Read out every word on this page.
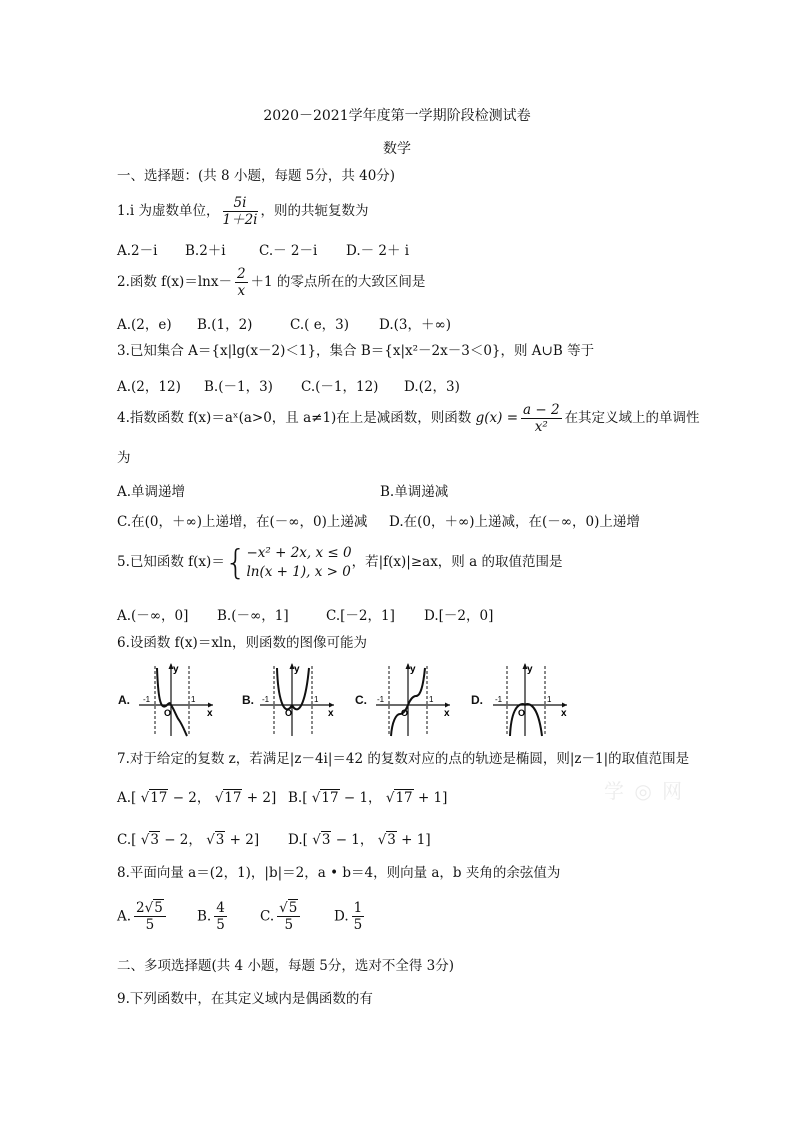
2020－2021学年度第一学期阶段检测试卷
数学
一、选择题：(共 8 小题，每题 5分，共 40分)
1.i 为虚数单位， $\frac{5i}{1+2i}$ ，则的共轭复数为
A.2－i B.2＋i C.－ 2－i D.－ 2＋ i
2.函数 $f(x)=\ln x- \frac{2}{x} +1$ 的零点所在的大致区间是
A.(2，e) B.(1，2)	C.( e，3) D.(3，＋∞)
3.已知集合 A＝{x|lg(x－2)＜1}，集合 B＝{x|x²－2x－3＜0}，则 A∪B 等于
A.(2，12) B.(－1，3) C.(－1，12) D.(2，3)
4.指数函数 f(x)＝aˣ(a>0，且 a≠1)在上是减函数，则函数 $g(x) = \frac{a - 2}{\text{x²}}$ 在其定义域上的单调性
为
A.单调递增	B.单调递减
C.在(0，＋∞)上递增，在(－∞，0)上递减 D.在(0，＋∞)上递减，在(－∞，0)上递增
5.已知函数 f(x)＝{ −x² + 2x, x ≤ 0
ln(x + 1), x > 0
，若|f(x)|≥ax，则 a 的取值范围是
A.(－∞，0] B.(－∞，1]	C.[－2，1] D.[－2，0]
6.设函数 f(x)＝xln，则函数的图像可能为
A.	B.	C.	D.
y
x
-1	1
O
y
x
-1	1
O
y
x
-1	1
O
y
x
-1	1
O
7.对于给定的复数 z，若满足|z－4i|＝42 的复数对应的点的轨迹是椭圆，则|z－1|的取值范围是
学 ◎ 网
A.[ √17 − 2， √17 + 2] B.[ √17 − 1， √17 + 1]
C.[ √3 − 2， √3 + 2] D.[ √3 − 1， √3 + 1]
8.平面向量 a＝(2，1)，|b|＝2，a • b＝4，则向量 a，b 夹角的余弦值为
A. $\frac{2√5}{5} B$. $\frac{4}{5} C$. $\frac{√5}{5} D$. $\frac{1}{5}$
二、多项选择题(共 4 小题，每题 5分，选对不全得 3分)
9.下列函数中，在其定义域内是偶函数的有
